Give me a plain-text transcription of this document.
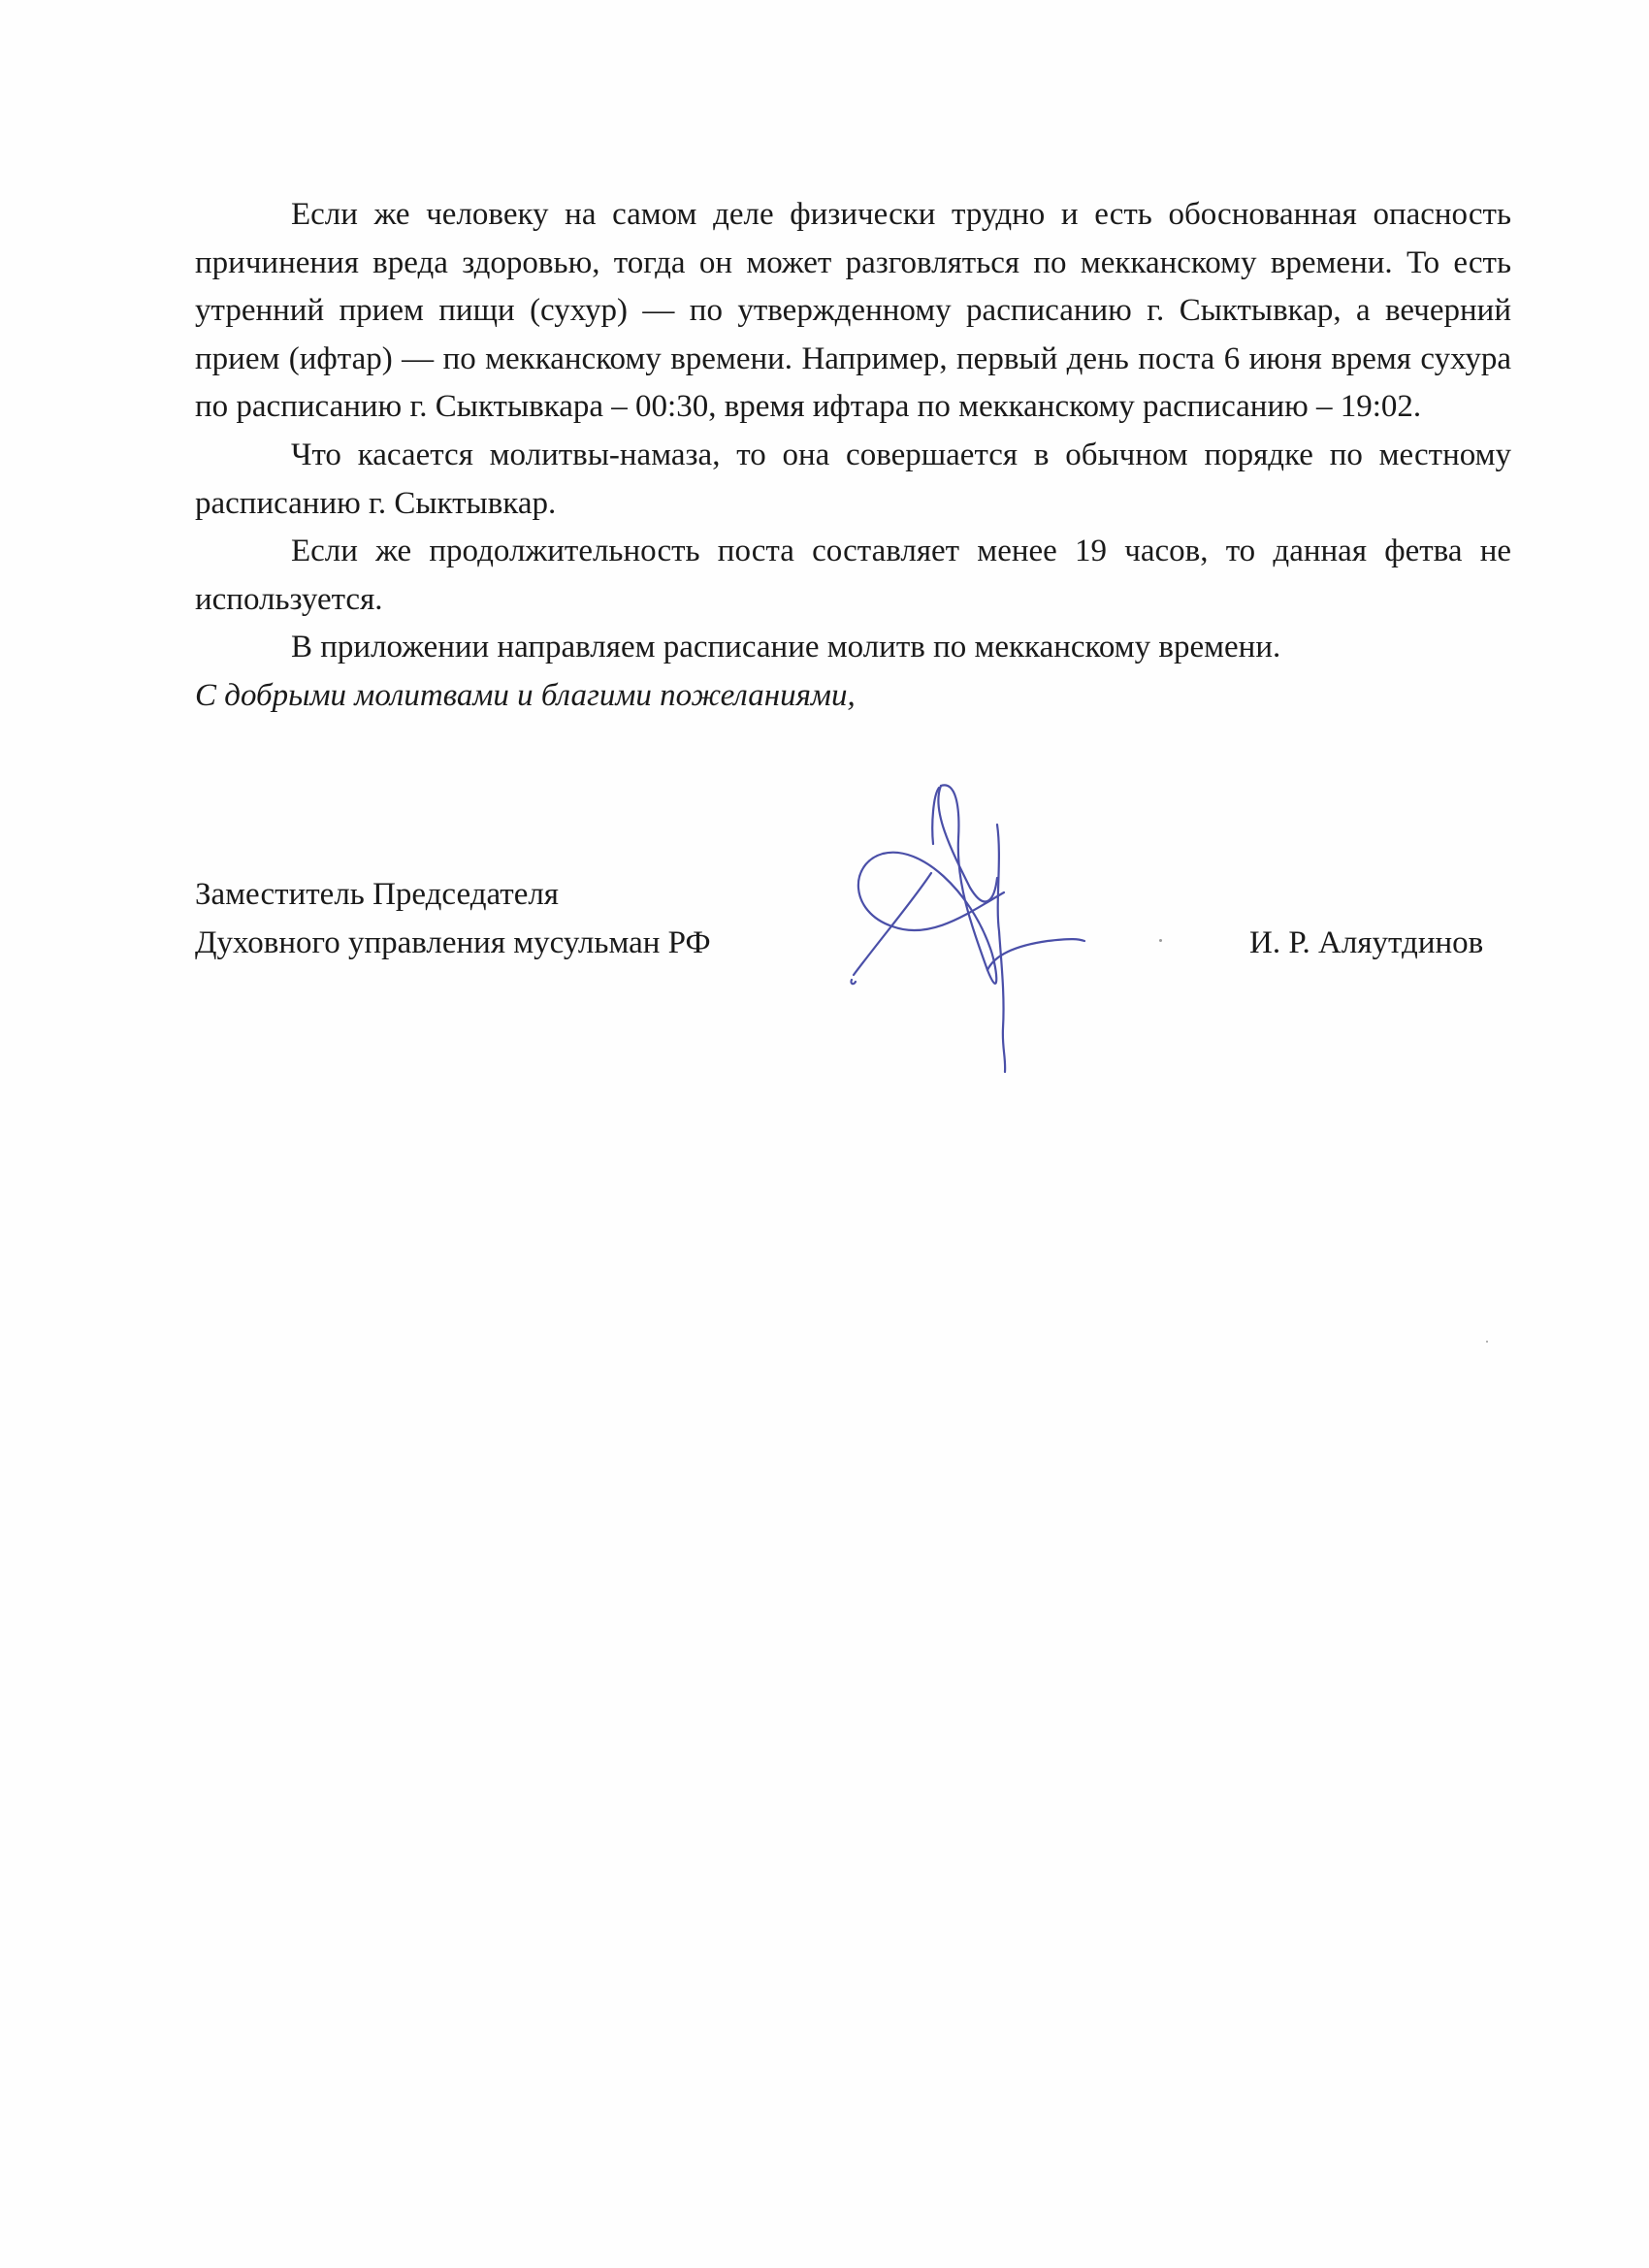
Если же человеку на самом деле физически трудно и есть обоснованная опасность причинения вреда здоровью, тогда он может разговляться по мекканскому времени. То есть утренний прием пищи (сухур) — по утвержденному расписанию г. Сыктывкар, а вечерний прием (ифтар) — по мекканскому времени. Например, первый день поста 6 июня время сухура по расписанию г. Сыктывкара – 00:30, время ифтара по мекканскому расписанию – 19:02.

Что касается молитвы-намаза, то она совершается в обычном порядке по местному расписанию г. Сыктывкар.

Если же продолжительность поста составляет менее 19 часов, то данная фетва не используется.

В приложении направляем расписание молитв по мекканскому времени.

С добрыми молитвами и благими пожеланиями,

Заместитель Председателя
Духовного управления мусульман РФ	И. Р. Аляутдинов
